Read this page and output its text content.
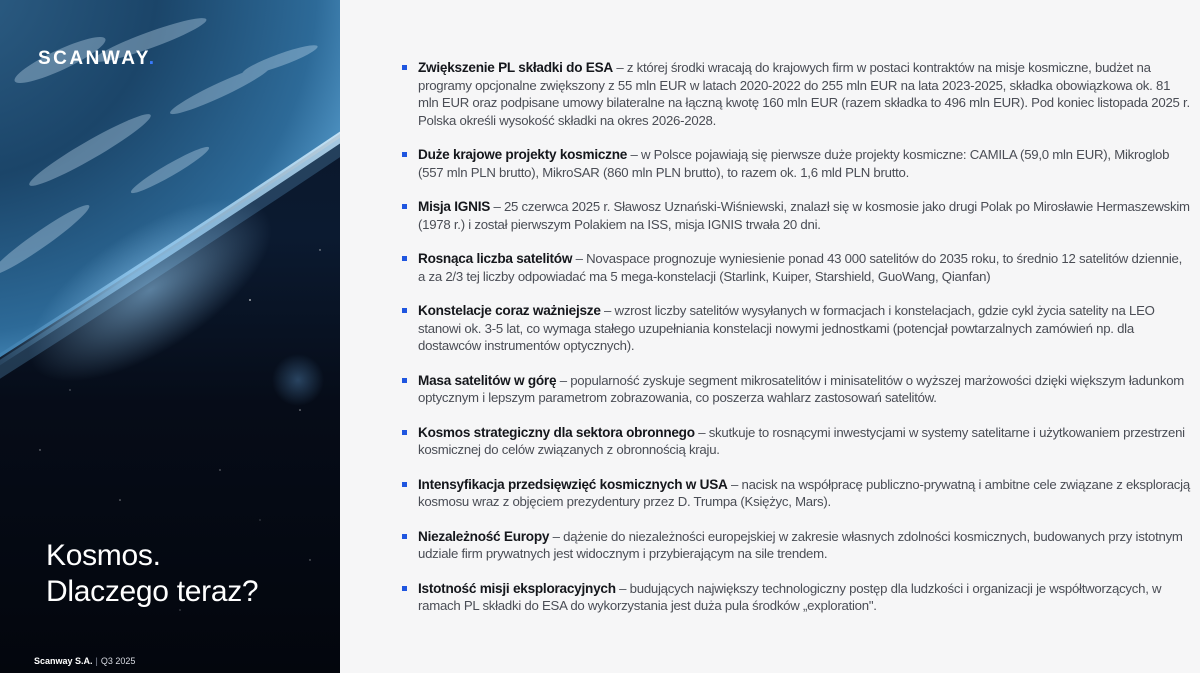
SCANWAY.
Kosmos.
Dlaczego teraz?
Scanway S.A. | Q3 2025
Zwiększenie PL składki do ESA – z której środki wracają do krajowych firm w postaci kontraktów na misje kosmiczne, budżet na programy opcjonalne zwiększony z 55 mln EUR w latach 2020-2022 do 255 mln EUR na lata 2023-2025, składka obowiązkowa ok. 81 mln EUR oraz podpisane umowy bilateralne na łączną kwotę 160 mln EUR (razem składka to 496 mln EUR). Pod koniec listopada 2025 r. Polska określi wysokość składki na okres 2026-2028.
Duże krajowe projekty kosmiczne – w Polsce pojawiają się pierwsze duże projekty kosmiczne: CAMILA (59,0 mln EUR), Mikroglob (557 mln PLN brutto), MikroSAR (860 mln PLN brutto), to razem ok. 1,6 mld PLN brutto.
Misja IGNIS – 25 czerwca 2025 r. Sławosz Uznański-Wiśniewski, znalazł się w kosmosie jako drugi Polak po Mirosławie Hermaszewskim (1978 r.) i został pierwszym Polakiem na ISS, misja IGNIS trwała 20 dni.
Rosnąca liczba satelitów – Novaspace prognozuje wyniesienie ponad 43 000 satelitów do 2035 roku, to średnio 12 satelitów dziennie, a za 2/3 tej liczby odpowiadać ma 5 mega-konstelacji (Starlink, Kuiper, Starshield, GuoWang, Qianfan)
Konstelacje coraz ważniejsze – wzrost liczby satelitów wysyłanych w formacjach i konstelacjach, gdzie cykl życia satelity na LEO stanowi ok. 3-5 lat, co wymaga stałego uzupełniania konstelacji nowymi jednostkami (potencjał powtarzalnych zamówień np. dla dostawców instrumentów optycznych).
Masa satelitów w górę – popularność zyskuje segment mikrosatelitów i minisatelitów o wyższej marżowości dzięki większym ładunkom optycznym i lepszym parametrom zobrazowania, co poszerza wahlarz zastosowań satelitów.
Kosmos strategiczny dla sektora obronnego – skutkuje to rosnącymi inwestycjami w systemy satelitarne i użytkowaniem przestrzeni kosmicznej do celów związanych z obronnością kraju.
Intensyfikacja przedsięwzięć kosmicznych w USA – nacisk na współpracę publiczno-prywatną i ambitne cele związane z eksploracją kosmosu wraz z objęciem prezydentury przez D. Trumpa (Księżyc, Mars).
Niezależność Europy – dążenie do niezależności europejskiej w zakresie własnych zdolności kosmicznych, budowanych przy istotnym udziale firm prywatnych jest widocznym i przybierającym na sile trendem.
Istotność misji eksploracyjnych – budujących największy technologiczny postęp dla ludzkości i organizacji je współtworzących, w ramach PL składki do ESA do wykorzystania jest duża pula środków „exploration".
